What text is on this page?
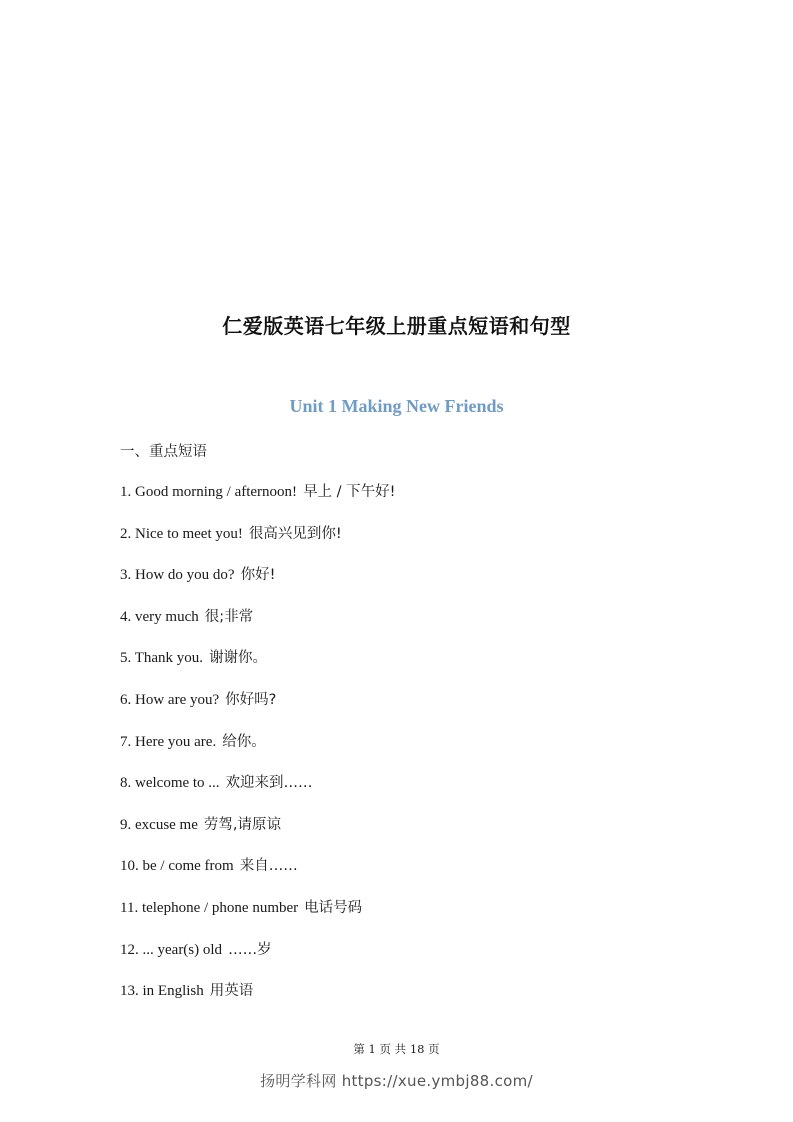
仁爱版英语七年级上册重点短语和句型
Unit 1 Making New Friends
一、重点短语
1. Good morning / afternoon! 早上 / 下午好!
2. Nice to meet you! 很高兴见到你!
3. How do you do? 你好!
4. very much 很;非常
5. Thank you. 谢谢你。
6. How are you? 你好吗?
7. Here you are. 给你。
8. welcome to ... 欢迎来到……
9. excuse me 劳驾,请原谅
10. be / come from 来自……
11. telephone / phone number 电话号码
12. ... year(s) old ……岁
13. in English 用英语
第 1 页 共 18 页
扬明学科网 https://xue.ymbj88.com/
